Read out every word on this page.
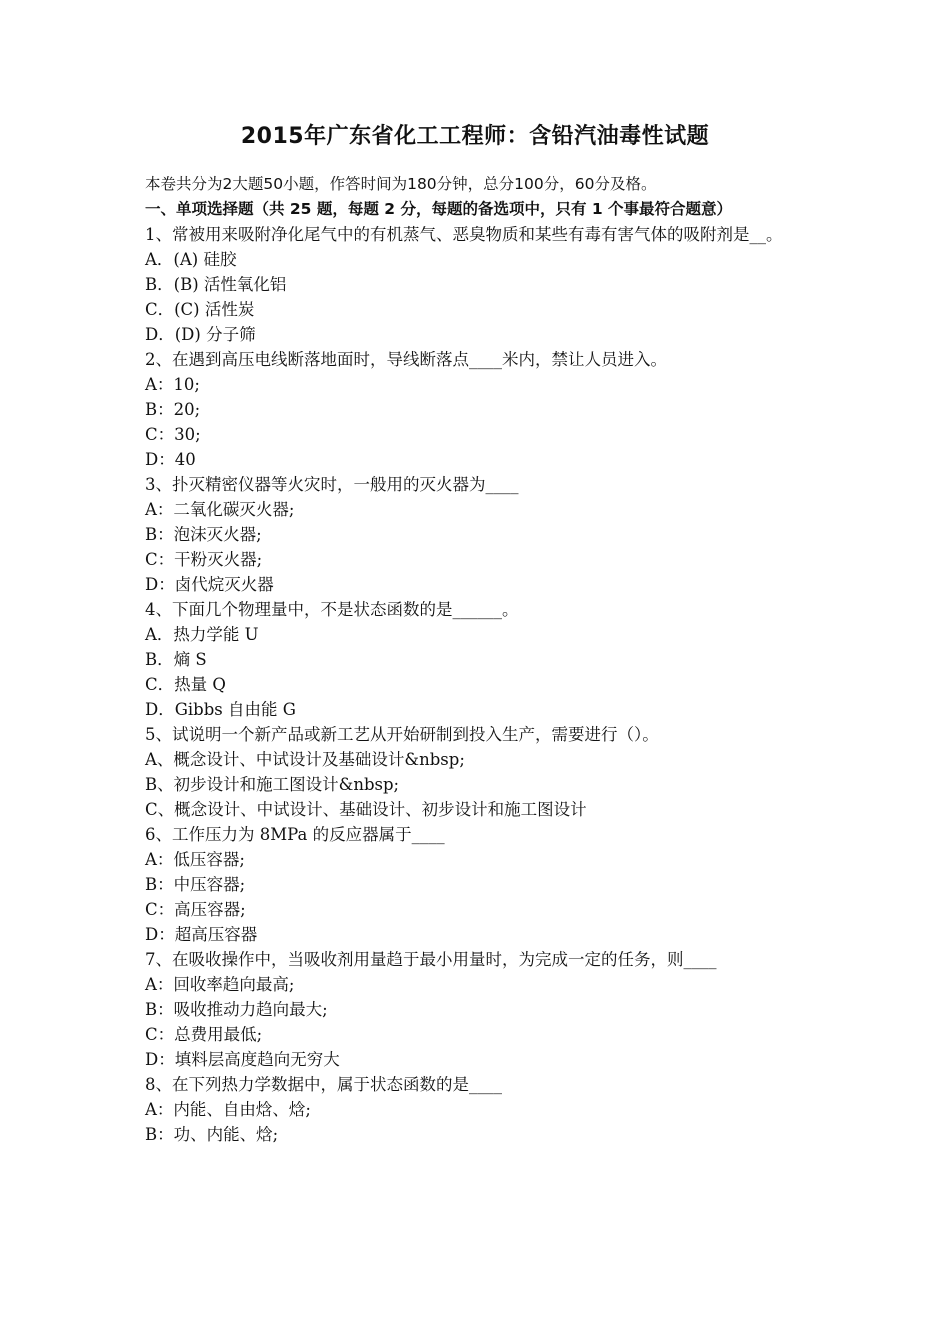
2015年广东省化工工程师：含铅汽油毒性试题
本卷共分为2大题50小题，作答时间为180分钟，总分100分，60分及格。
一、单项选择题（共 25 题，每题 2 分，每题的备选项中，只有 1 个事最符合题意）
1、常被用来吸附净化尾气中的有机蒸气、恶臭物质和某些有毒有害气体的吸附剂是__。
A．(A) 硅胶
B．(B) 活性氧化铝
C．(C) 活性炭
D．(D) 分子筛
2、在遇到高压电线断落地面时，导线断落点____米内，禁让人员进入。
A：10;
B：20;
C：30;
D：40
3、扑灭精密仪器等火灾时，一般用的灭火器为____
A：二氧化碳灭火器;
B：泡沫灭火器;
C：干粉灭火器;
D：卤代烷灭火器
4、下面几个物理量中，不是状态函数的是______。
A．热力学能 U
B．熵 S
C．热量 Q
D．Gibbs 自由能 G
5、试说明一个新产品或新工艺从开始研制到投入生产，需要进行（）。
A、概念设计、中试设计及基础设计&nbsp;
B、初步设计和施工图设计&nbsp;
C、概念设计、中试设计、基础设计、初步设计和施工图设计
6、工作压力为 8MPa 的反应器属于____
A：低压容器;
B：中压容器;
C：高压容器;
D：超高压容器
7、在吸收操作中，当吸收剂用量趋于最小用量时，为完成一定的任务，则____
A：回收率趋向最高;
B：吸收推动力趋向最大;
C：总费用最低;
D：填料层高度趋向无穷大
8、在下列热力学数据中，属于状态函数的是____
A：内能、自由焓、焓;
B：功、内能、焓;
